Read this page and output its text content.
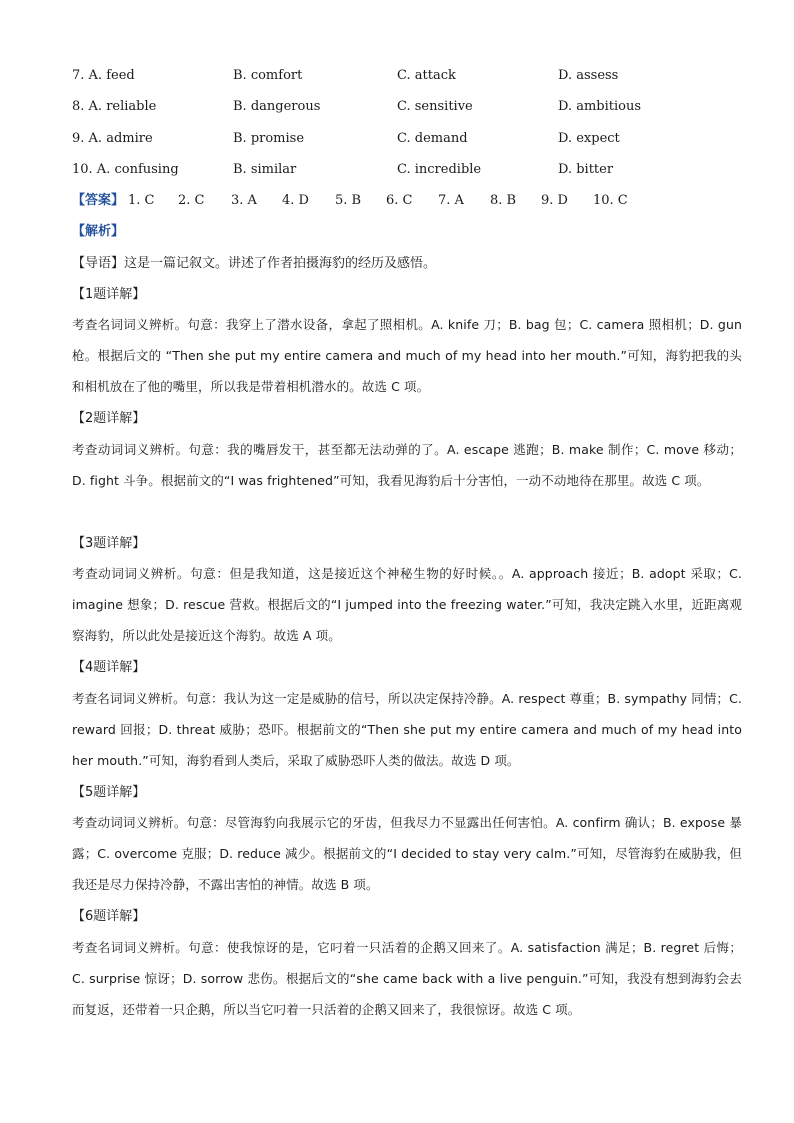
7. A. feed	B. comfort	C. attack	D. assess
8. A. reliable	B. dangerous	C. sensitive	D. ambitious
9. A. admire	B. promise	C. demand	D. expect
10. A. confusing	B. similar	C. incredible	D. bitter
【答案】 1. C 2. C 3. A 4. D 5. B 6. C 7. A 8. B 9. D 10. C
【解析】
【导语】这是一篇记叙文。讲述了作者拍摄海豹的经历及感悟。
【1题详解】
考查名词词义辨析。句意：我穿上了潜水设备，拿起了照相机。A. knife 刀；B. bag 包；C. camera 照相机；D. gun 枪。根据后文的 “Then she put my entire camera and much of my head into her mouth.”可知，海豹把我的头和相机放在了他的嘴里，所以我是带着相机潜水的。故选 C 项。
【2题详解】
考查动词词义辨析。句意：我的嘴唇发干，甚至都无法动弹的了。A. escape 逃跑；B. make 制作；C. move 移动；D. fight 斗争。根据前文的“I was frightened”可知，我看见海豹后十分害怕，一动不动地待在那里。故选 C 项。
【3题详解】
考查动词词义辨析。句意：但是我知道，这是接近这个神秘生物的好时候。。A. approach 接近；B. adopt 采取；C. imagine 想象；D. rescue 营救。根据后文的“I jumped into the freezing water.”可知，我决定跳入水里，近距离观察海豹，所以此处是接近这个海豹。故选 A 项。
【4题详解】
考查名词词义辨析。句意：我认为这一定是威胁的信号，所以决定保持冷静。A. respect 尊重；B. sympathy 同情；C. reward 回报；D. threat 威胁；恐吓。根据前文的“Then she put my entire camera and much of my head into her mouth.”可知，海豹看到人类后，采取了威胁恐吓人类的做法。故选 D 项。
【5题详解】
考查动词词义辨析。句意：尽管海豹向我展示它的牙齿，但我尽力不显露出任何害怕。A. confirm 确认；B. expose 暴露；C. overcome 克服；D. reduce 减少。根据前文的“I decided to stay very calm.”可知，尽管海豹在威胁我，但我还是尽力保持冷静，不露出害怕的神情。故选 B 项。
【6题详解】
考查名词词义辨析。句意：使我惊讶的是，它叼着一只活着的企鹅又回来了。A. satisfaction 满足；B. regret 后悔；C. surprise 惊讶；D. sorrow 悲伤。根据后文的“she came back with a live penguin.”可知，我没有想到海豹会去而复返，还带着一只企鹅，所以当它叼着一只活着的企鹅又回来了，我很惊讶。故选 C 项。
